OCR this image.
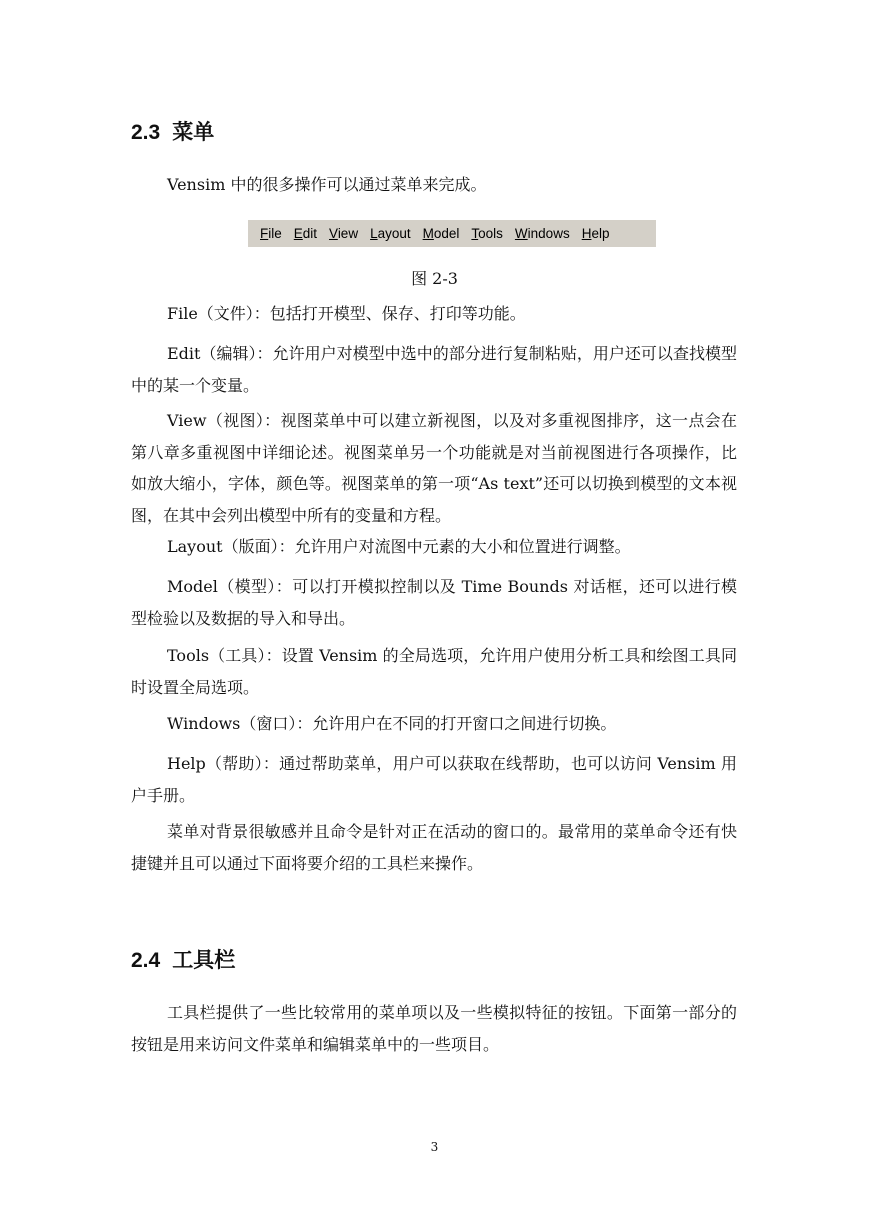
2.3 菜单

Vensim 中的很多操作可以通过菜单来完成。

File Edit View Layout Model Tools Windows Help

图 2-3

File（文件）：包括打开模型、保存、打印等功能。

Edit（编辑）：允许用户对模型中选中的部分进行复制粘贴，用户还可以查找模型中的某一个变量。

View（视图）：视图菜单中可以建立新视图，以及对多重视图排序，这一点会在第八章多重视图中详细论述。视图菜单另一个功能就是对当前视图进行各项操作，比如放大缩小，字体，颜色等。视图菜单的第一项“As text”还可以切换到模型的文本视图，在其中会列出模型中所有的变量和方程。

Layout（版面）：允许用户对流图中元素的大小和位置进行调整。

Model（模型）：可以打开模拟控制以及 Time Bounds 对话框，还可以进行模型检验以及数据的导入和导出。

Tools（工具）：设置 Vensim 的全局选项，允许用户使用分析工具和绘图工具同时设置全局选项。

Windows（窗口）：允许用户在不同的打开窗口之间进行切换。

Help（帮助）：通过帮助菜单，用户可以获取在线帮助，也可以访问 Vensim 用户手册。

菜单对背景很敏感并且命令是针对正在活动的窗口的。最常用的菜单命令还有快捷键并且可以通过下面将要介绍的工具栏来操作。

2.4 工具栏

工具栏提供了一些比较常用的菜单项以及一些模拟特征的按钮。下面第一部分的按钮是用来访问文件菜单和编辑菜单中的一些项目。

3
